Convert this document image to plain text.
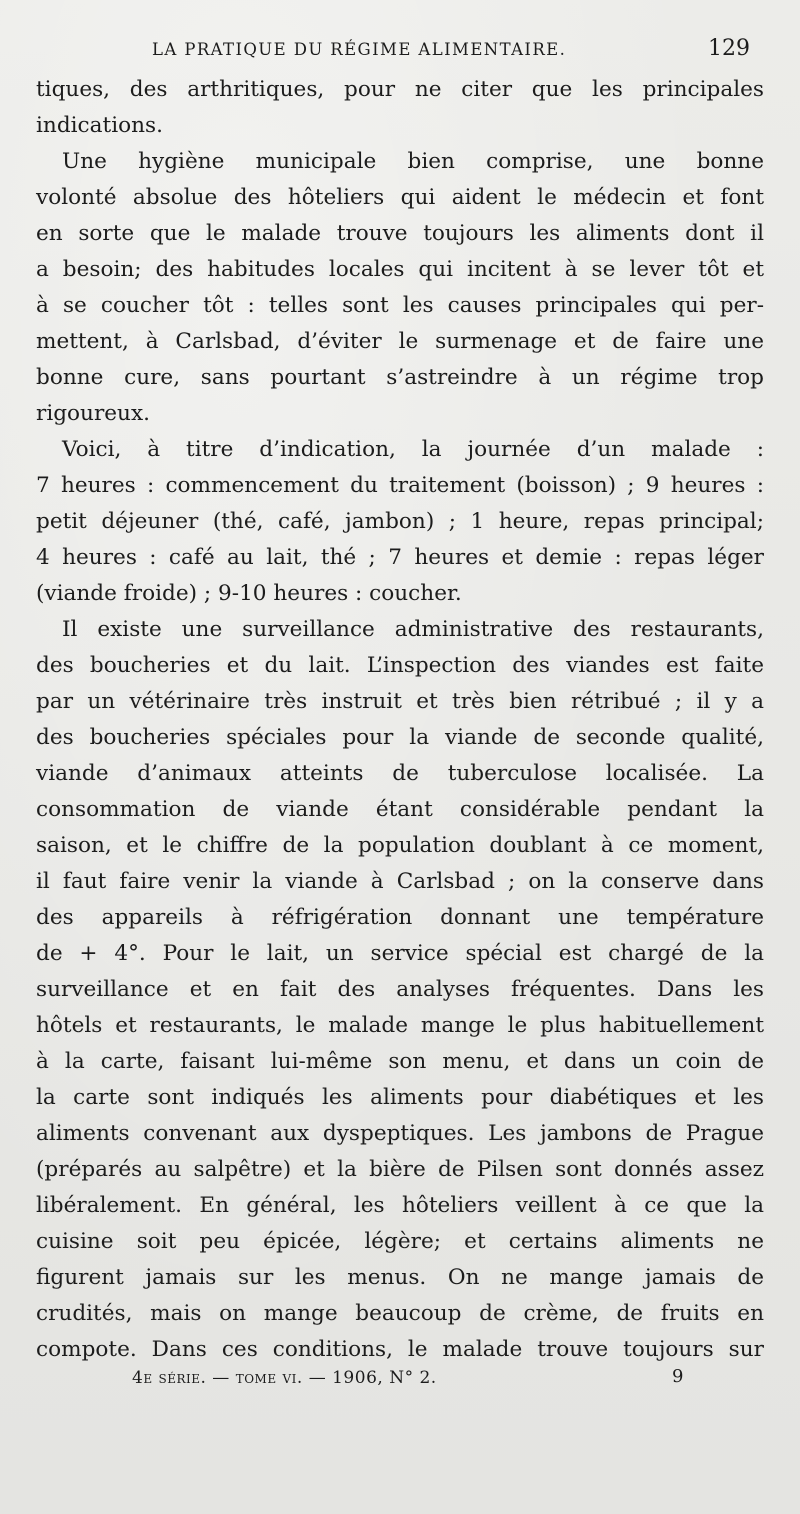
LA PRATIQUE DU RÉGIME ALIMENTAIRE.	129
tiques, des arthritiques, pour ne citer que les principales
indications.
Une hygiène municipale bien comprise, une bonne
volonté absolue des hôteliers qui aident le médecin et font
en sorte que le malade trouve toujours les aliments dont il
a besoin; des habitudes locales qui incitent à se lever tôt et
à se coucher tôt : telles sont les causes principales qui per-
mettent, à Carlsbad, d’éviter le surmenage et de faire une
bonne cure, sans pourtant s’astreindre à un régime trop
rigoureux.
Voici, à titre d’indication, la journée d’un malade :
7 heures : commencement du traitement (boisson) ; 9 heures :
petit déjeuner (thé, café, jambon) ; 1 heure, repas principal;
4 heures : café au lait, thé ; 7 heures et demie : repas léger
(viande froide) ; 9-10 heures : coucher.
Il existe une surveillance administrative des restaurants,
des boucheries et du lait. L’inspection des viandes est faite
par un vétérinaire très instruit et très bien rétribué ; il y a
des boucheries spéciales pour la viande de seconde qualité,
viande d’animaux atteints de tuberculose localisée. La
consommation de viande étant considérable pendant la
saison, et le chiffre de la population doublant à ce moment,
il faut faire venir la viande à Carlsbad ; on la conserve dans
des appareils à réfrigération donnant une température
de + 4°. Pour le lait, un service spécial est chargé de la
surveillance et en fait des analyses fréquentes. Dans les
hôtels et restaurants, le malade mange le plus habituellement
à la carte, faisant lui-même son menu, et dans un coin de
la carte sont indiqués les aliments pour diabétiques et les
aliments convenant aux dyspeptiques. Les jambons de Prague
(préparés au salpêtre) et la bière de Pilsen sont donnés assez
libéralement. En général, les hôteliers veillent à ce que la
cuisine soit peu épicée, légère; et certains aliments ne
figurent jamais sur les menus. On ne mange jamais de
crudités, mais on mange beaucoup de crème, de fruits en
compote. Dans ces conditions, le malade trouve toujours sur
4e série. — tome vi. — 1906, N° 2.	9
